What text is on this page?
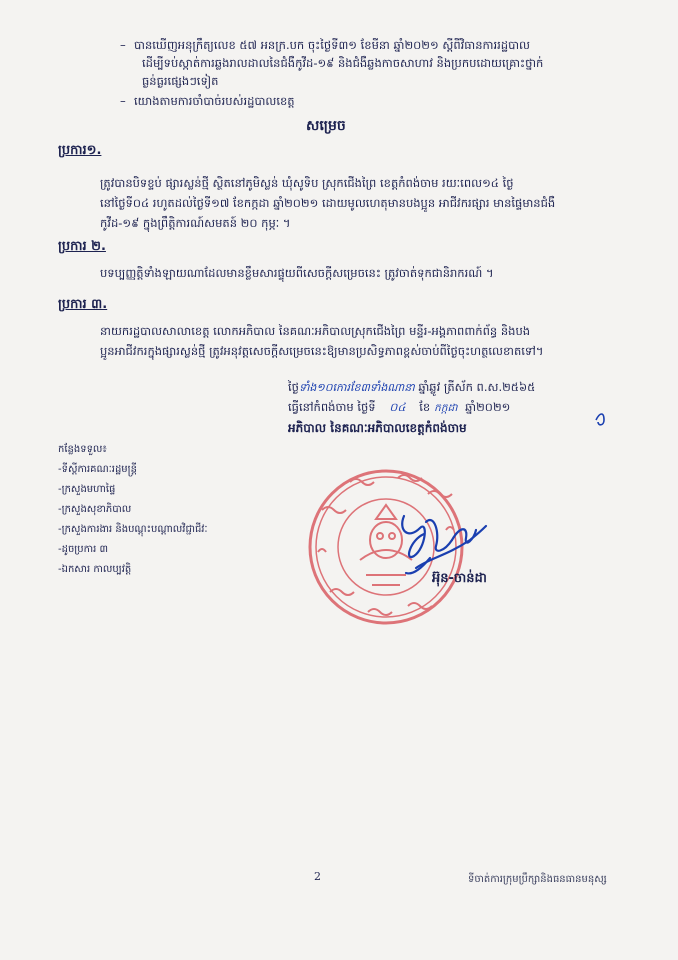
– បានឃើញអនុក្រឹត្យលេខ ៥៧ អនក្រ.បក ចុះថ្ងៃទី៣១ ខែមីនា ឆ្នាំ២០២១ ស្តីពីវិធានការរដ្ឋបាល
ដើម្បីទប់ស្កាត់ការឆ្លងរាលដាលនៃជំងឺកូវីដ-១៩ និងជំងឺឆ្លងកាចសាហាវ និងប្រកបដោយគ្រោះថ្នាក់
ធ្ងន់ធ្ងរផ្សេងៗទៀត
– យោងតាមការចាំបាច់របស់រដ្ឋបាលខេត្ត
សម្រេច
ប្រការ១.
ត្រូវបានបិទខ្ទប់ ផ្សារស្លន់ថ្មី ស្ថិតនៅភូមិស្លន់ ឃុំសូទិប ស្រុកជើងព្រៃ ខេត្តកំពង់ចាម រយៈពេល១៤ ថ្ងៃ
នៅថ្ងៃទី០៤ រហូតដល់ថ្ងៃទី១៧ ខែកក្កដា ឆ្នាំ២០២១ ដោយមូលហេតុមានបងប្អូន អាជីវករផ្សារ មានផ្ទៃមានជំងឺ
កូវីដ-១៩ ក្នុងព្រឹត្តិការណ៍សមតន៍ ២០ កុម្ភៈ ។
ប្រការ ២.
បទប្បញ្ញត្តិទាំងឡាយណាដែលមានខ្លឹមសារផ្ទុយពីសេចក្តីសម្រេចនេះ ត្រូវចាត់ទុកជានិរាករណ៍ ។
ប្រការ ៣.
នាយករដ្ឋបាលសាលាខេត្ត លោកអភិបាល នៃគណៈអភិបាលស្រុកជើងព្រៃ មន្ទីរ-អង្គភាពពាក់ព័ន្ធ និងបង
ប្អូនអាជីវករក្នុងផ្សារស្លន់ថ្មី ត្រូវអនុវត្តសេចក្តីសម្រេចនេះឱ្យមានប្រសិទ្ធភាពខ្ពស់ចាប់ពីថ្ងៃចុះហត្ថលេខាតទៅ។
ថ្ងៃទាំង១០កោរខែ៣ទាំងណានា ឆ្នាំឆ្លូវ ត្រីស័ក ព.ស.២៥៦៥
ធ្វើនៅកំពង់ចាម ថ្ងៃទី ០៤ ខែ កក្កដា ឆ្នាំ២០២១
អភិបាល នៃគណៈអភិបាលខេត្តកំពង់ចាម
កន្លែងទទួល៖
-ទីស្តីការគណៈរដ្ឋមន្ត្រី
-ក្រសួងមហាផ្ទៃ
-ក្រសួងសុខាភិបាល
-ក្រសួងការងារ និងបណ្តុះបណ្តាលវិជ្ជាជីវៈ
-ដូចប្រការ ៣
-ឯកសារ កាលប្បវត្តិ
អ៊ុន-ចាន់ដា
2	ទីចាត់ការក្រុមប្រឹក្សានិងធនធានមនុស្ស
